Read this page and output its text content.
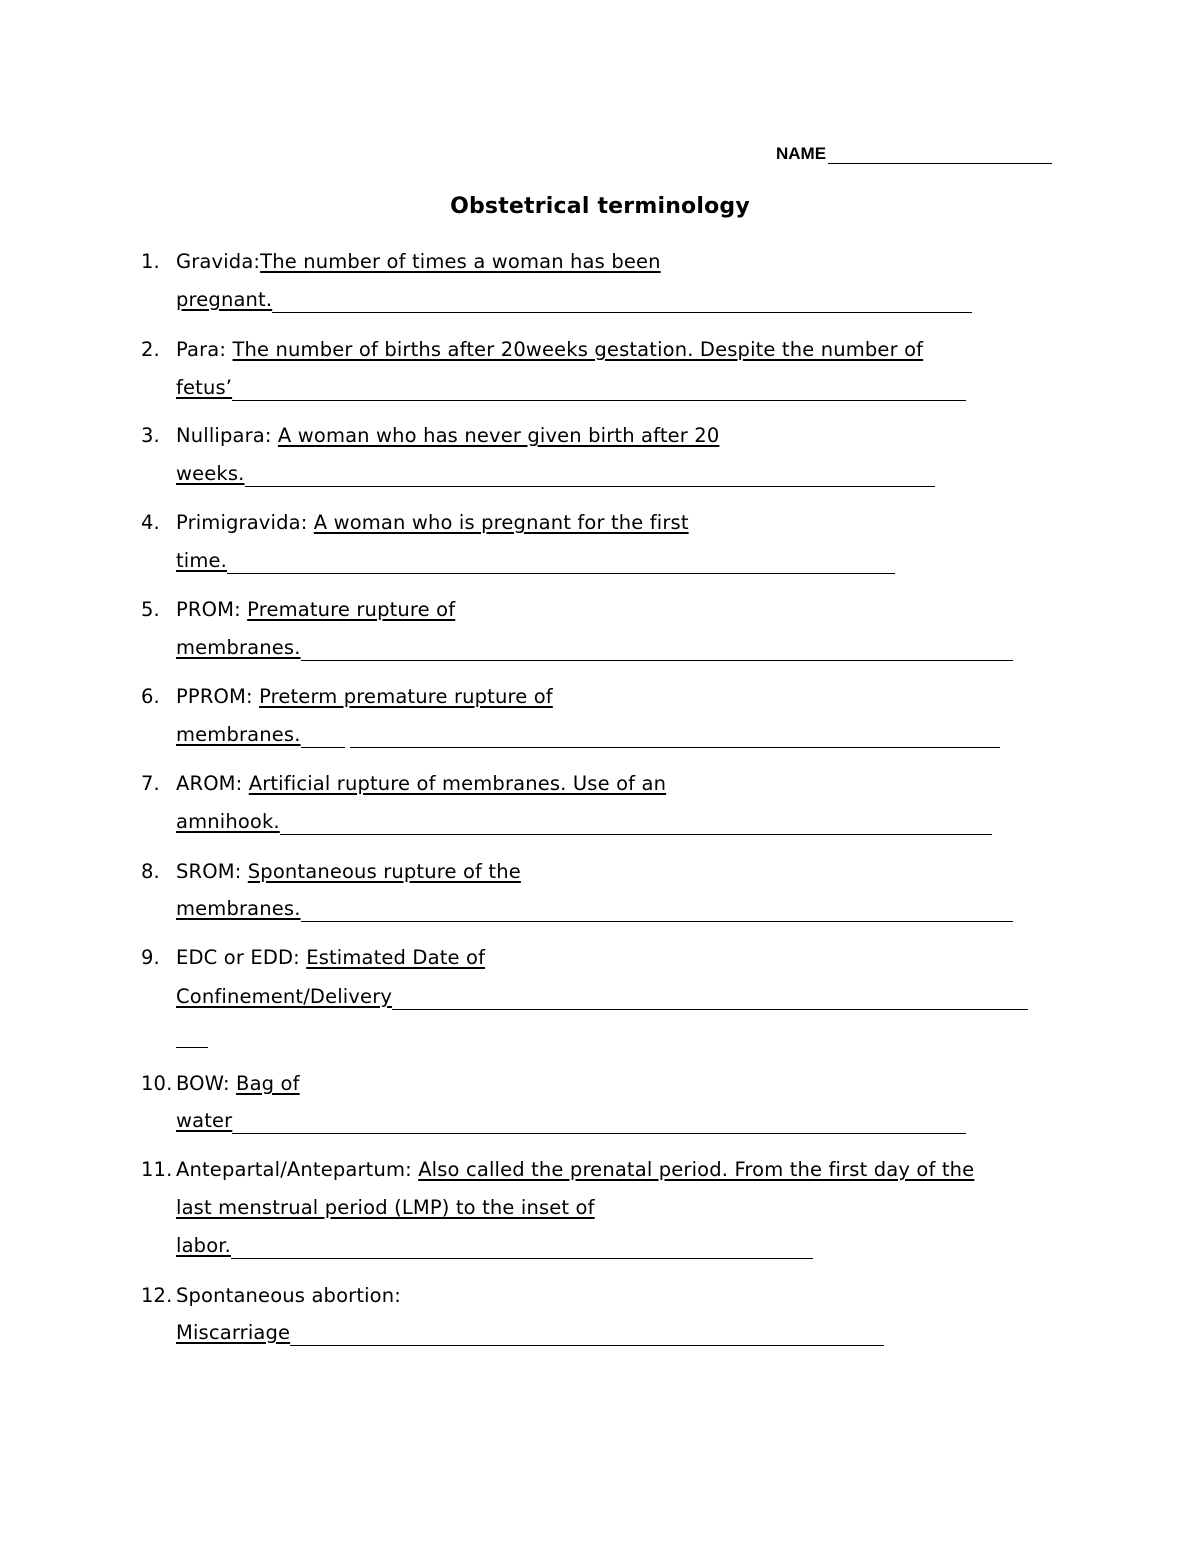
NAME
Obstetrical terminology
1. Gravida:The number of times a woman has been
pregnant.
2. Para: The number of births after 20weeks gestation. Despite the number of
fetus’
3. Nullipara: A woman who has never given birth after 20
weeks.
4. Primigravida: A woman who is pregnant for the first
time.
5. PROM: Premature rupture of
membranes.
6. PPROM: Preterm premature rupture of
membranes.
7. AROM: Artificial rupture of membranes. Use of an
amnihook.
8. SROM: Spontaneous rupture of the
membranes.
9. EDC or EDD: Estimated Date of
Confinement/Delivery
10. BOW: Bag of
water
11. Antepartal/Antepartum: Also called the prenatal period. From the first day of the
last menstrual period (LMP) to the inset of
labor.
12. Spontaneous abortion:
Miscarriage
